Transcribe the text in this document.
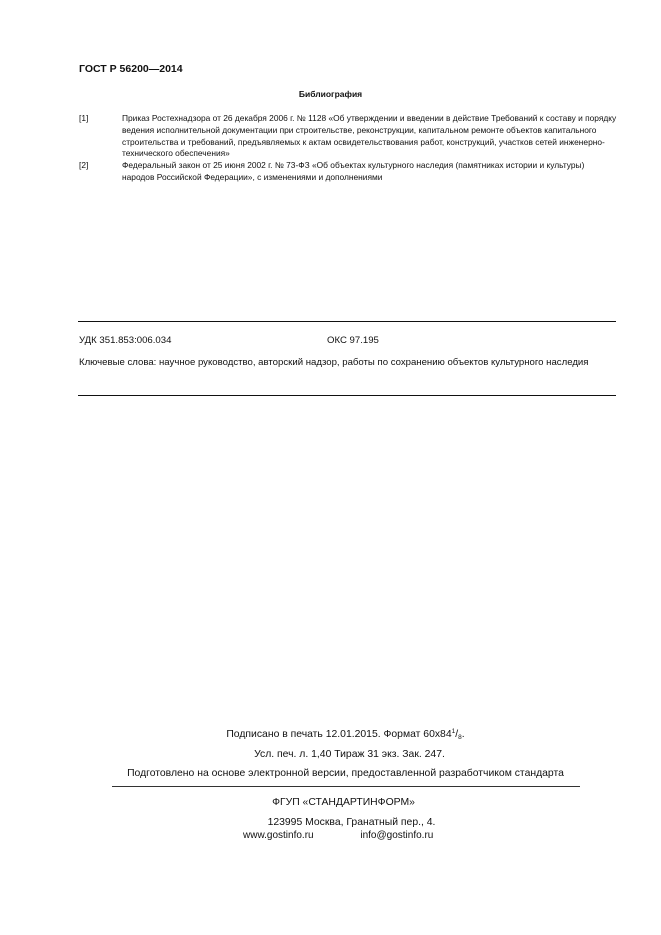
ГОСТ Р 56200—2014
Библиография
[1]	Приказ Ростехнадзора от 26 декабря 2006 г. № 1128 «Об утверждении и введении в действие Требований к составу и порядку ведения исполнительной документации при строительстве, реконструкции, капитальном ремонте объектов капитального строительства и требований, предъявляемых к актам освидетельствования работ, конструкций, участков сетей инженерно-технического обеспечения»
[2]	Федеральный закон от 25 июня 2002 г. № 73-ФЗ «Об объектах культурного наследия (памятниках истории и культуры) народов Российской Федерации», с изменениями и дополнениями
УДК 351.853:006.034	ОКС 97.195
Ключевые слова: научное руководство, авторский надзор, работы по сохранению объектов культурного наследия
Подписано в печать 12.01.2015. Формат $60x84^1/_8$.
Усл. печ. л. 1,40 Тираж 31 экз. Зак. 247.
Подготовлено на основе электронной версии, предоставленной разработчиком стандарта
ФГУП «СТАНДАРТИНФОРМ»
123995 Москва, Гранатный пер., 4.
www.gostinfo.ru	info@gostinfo.ru
